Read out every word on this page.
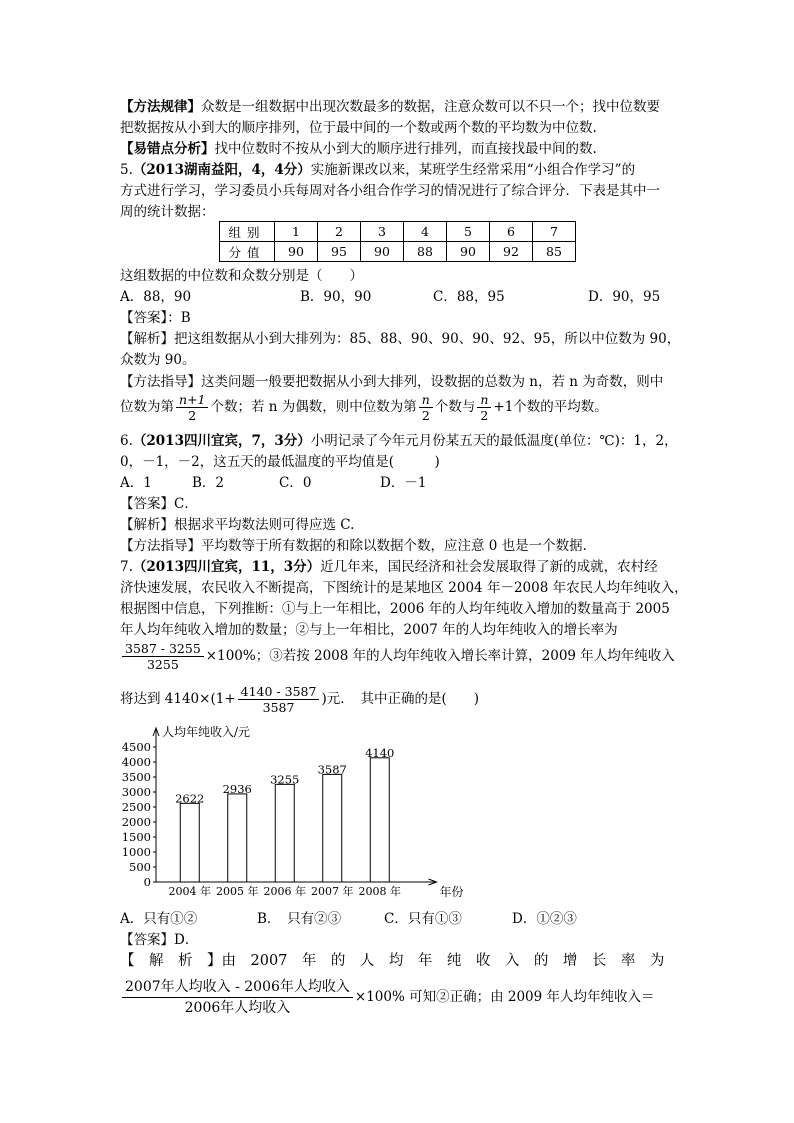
【方法规律】众数是一组数据中出现次数最多的数据，注意众数可以不只一个；找中位数要
把数据按从小到大的顺序排列，位于最中间的一个数或两个数的平均数为中位数.
【易错点分析】找中位数时不按从小到大的顺序进行排列，而直接找最中间的数.
5.（2013湖南益阳，4，4分）实施新课改以来，某班学生经常采用“小组合作学习”的
方式进行学习，学习委员小兵每周对各小组合作学习的情况进行了综合评分．下表是其中一
周的统计数据：
组别	1	2	3	4	5	6	7
分值	90	95	90	88	90	92	85
这组数据的中位数和众数分别是（　　）
A．88，90	B．90，90	C．88，95	D．90，95
【答案】：B
【解析】把这组数据从小到大排列为：85、88、90、90、90、92、95，所以中位数为 90，
众数为 90。
【方法指导】这类问题一般要把数据从小到大排列，设数据的总数为 n，若 n 为奇数，则中
位数为第 $\frac{n+1}{2}$ 个数；若 n 为偶数，则中位数为第 $\frac{n}{2}$ 个数与 $\frac{n}{2} +1$个数的平均数。
6.（2013四川宜宾，7，3分）小明记录了今年元月份某五天的最低温度(单位：℃)：1，2，
0，－1，－2，这五天的最低温度的平均值是(　　　)
A．1	B．2	C．0	D．－1
【答案】C．
【解析】根据求平均数法则可得应选 C.
【方法指导】平均数等于所有数据的和除以数据个数，应注意 0 也是一个数据.
7.（2013四川宜宾，11，3分）近几年来，国民经济和社会发展取得了新的成就，农村经
济快速发展，农民收入不断提高，下图统计的是某地区 2004 年－2008 年农民人均年纯收入，
根据图中信息，下列推断：①与上一年相比，2006 年的人均年纯收入增加的数量高于 2005
年人均年纯收入增加的数量；②与上一年相比，2007 年的人均年纯收入的增长率为
$\frac{3587 - 3255}{3255} \times 100\%$；③若按 2008 年的人均年纯收入增长率计算，2009 年人均年纯收入
将达到 $4140\times(1+ \frac{4140 - 3587}{3587}$ )元．　其中正确的是(　　)
人均年纯收入/元
年份
0
500
1000
1500
2000
2500
3000
3500
4000
4500
2622
2004 年
2936
2005 年
3255
2006 年
3587
2007 年
4140
2008 年
A．只有①②	B．　只有②③	C．只有①③	D．①②③
【答案】D．
【　解　析　】由　2007　年　的　人　均　年　纯　收　入　的　增　长　率　为
$\frac{\text{2007年人均收入 - 2006年人均收入}}{\text{2006年人均收入}} \times 100\%$ 可知②正确；由 2009 年人均年纯收入＝
